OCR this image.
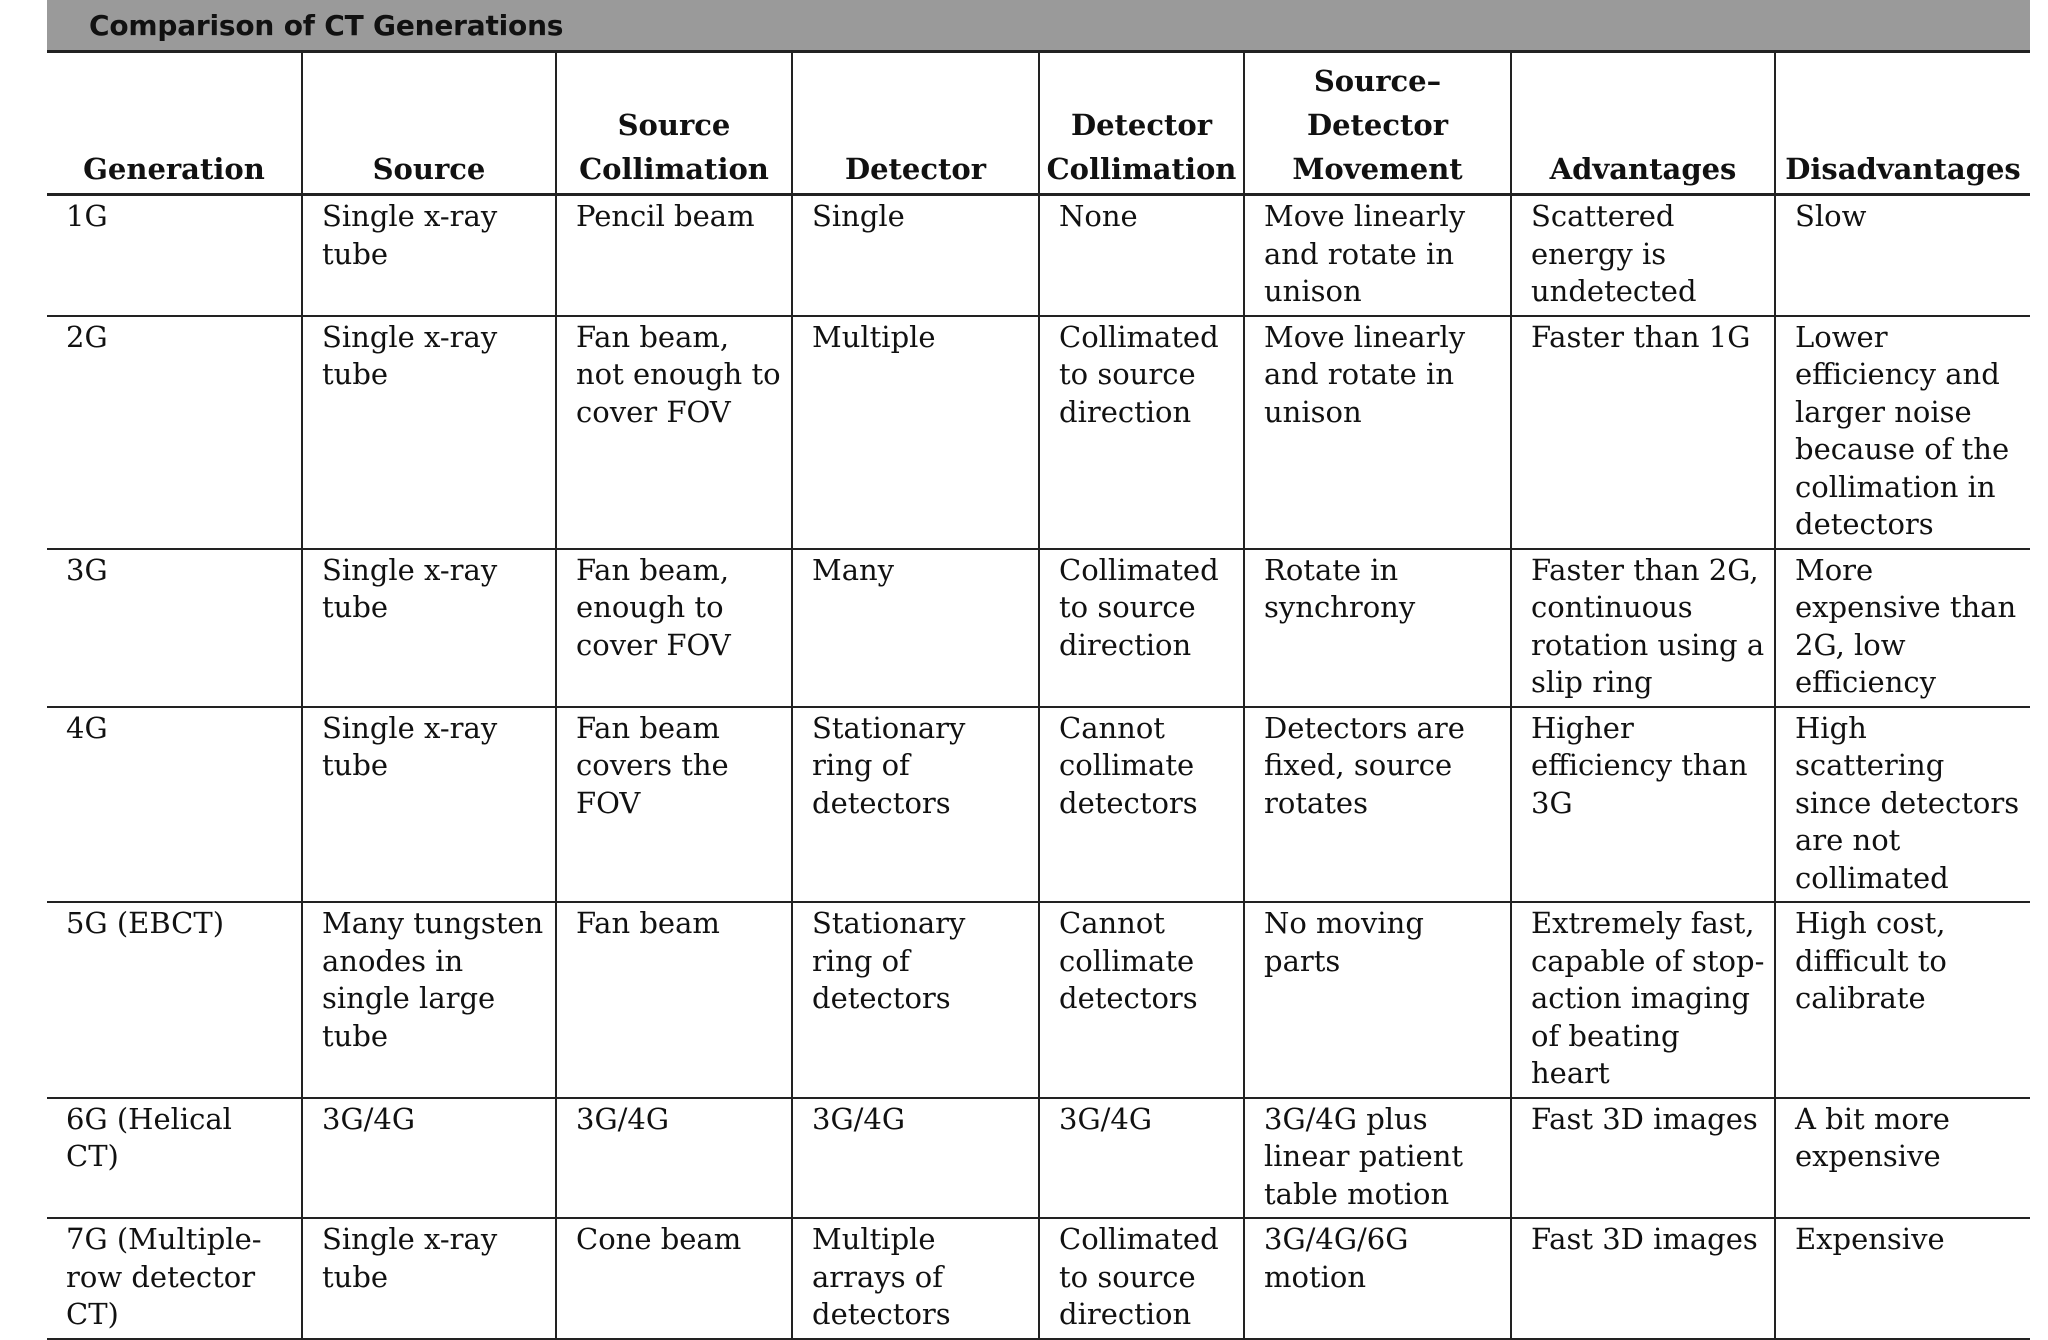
Comparison of CT Generations
Generation	Source	Source Collimation	Detector	Detector Collimation	Source–Detector Movement	Advantages	Disadvantages
1G	Single x-ray tube	Pencil beam	Single	None	Move linearly and rotate in unison	Scattered energy is undetected	Slow
2G	Single x-ray tube	Fan beam, not enough to cover FOV	Multiple	Collimated to source direction	Move linearly and rotate in unison	Faster than 1G	Lower efficiency and larger noise because of the collimation in detectors
3G	Single x-ray tube	Fan beam, enough to cover FOV	Many	Collimated to source direction	Rotate in synchrony	Faster than 2G, continuous rotation using a slip ring	More expensive than 2G, low efficiency
4G	Single x-ray tube	Fan beam covers the FOV	Stationary ring of detectors	Cannot collimate detectors	Detectors are fixed, source rotates	Higher efficiency than 3G	High scattering since detectors are not collimated
5G (EBCT)	Many tungsten anodes in single large tube	Fan beam	Stationary ring of detectors	Cannot collimate detectors	No moving parts	Extremely fast, capable of stop-action imaging of beating heart	High cost, difficult to calibrate
6G (Helical CT)	3G/4G	3G/4G	3G/4G	3G/4G	3G/4G plus linear patient table motion	Fast 3D images	A bit more expensive
7G (Multiple-row detector CT)	Single x-ray tube	Cone beam	Multiple arrays of detectors	Collimated to source direction	3G/4G/6G motion	Fast 3D images	Expensive
